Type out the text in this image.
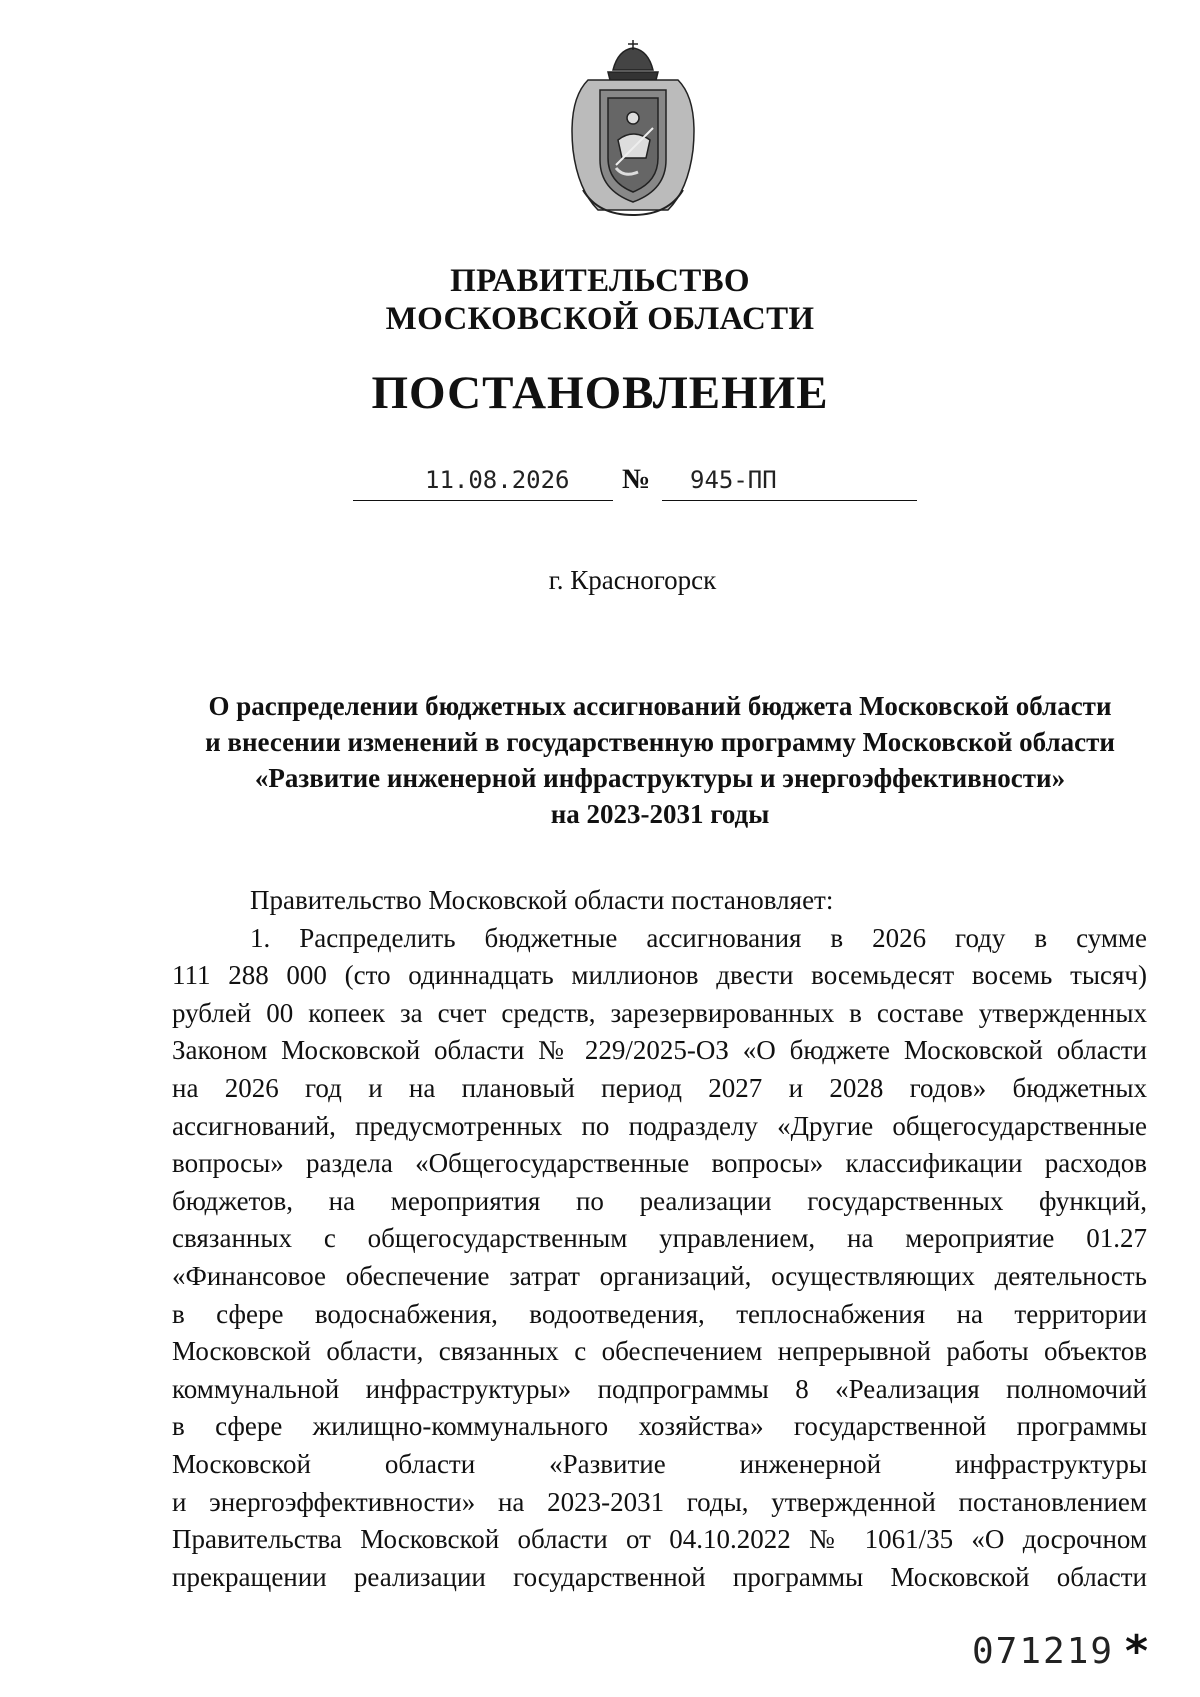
ПРАВИТЕЛЬСТВО
МОСКОВСКОЙ ОБЛАСТИ
ПОСТАНОВЛЕНИЕ
11.08.2026 №	945-ПП
г. Красногорск
О распределении бюджетных ассигнований бюджета Московской области
и внесении изменений в государственную программу Московской области
«Развитие инженерной инфраструктуры и энергоэффективности»
на 2023-2031 годы
Правительство Московской области постановляет:
1. Распределить бюджетные ассигнования в 2026 году в сумме
111 288 000 (сто одиннадцать миллионов двести восемьдесят восемь тысяч)
рублей 00 копеек за счет средств, зарезервированных в составе утвержденных
Законом Московской области № 229/2025-ОЗ «О бюджете Московской области
на 2026 год и на плановый период 2027 и 2028 годов» бюджетных
ассигнований, предусмотренных по подразделу «Другие общегосударственные
вопросы» раздела «Общегосударственные вопросы» классификации расходов
бюджетов, на мероприятия по реализации государственных функций,
связанных с общегосударственным управлением, на мероприятие 01.27
«Финансовое обеспечение затрат организаций, осуществляющих деятельность
в сфере водоснабжения, водоотведения, теплоснабжения на территории
Московской области, связанных с обеспечением непрерывной работы объектов
коммунальной инфраструктуры» подпрограммы 8 «Реализация полномочий
в сфере жилищно-коммунального хозяйства» государственной программы
Московской области «Развитие инженерной инфраструктуры
и энергоэффективности» на 2023-2031 годы, утвержденной постановлением
Правительства Московской области от 04.10.2022 № 1061/35 «О досрочном
прекращении реализации государственной программы Московской области
071219 *
